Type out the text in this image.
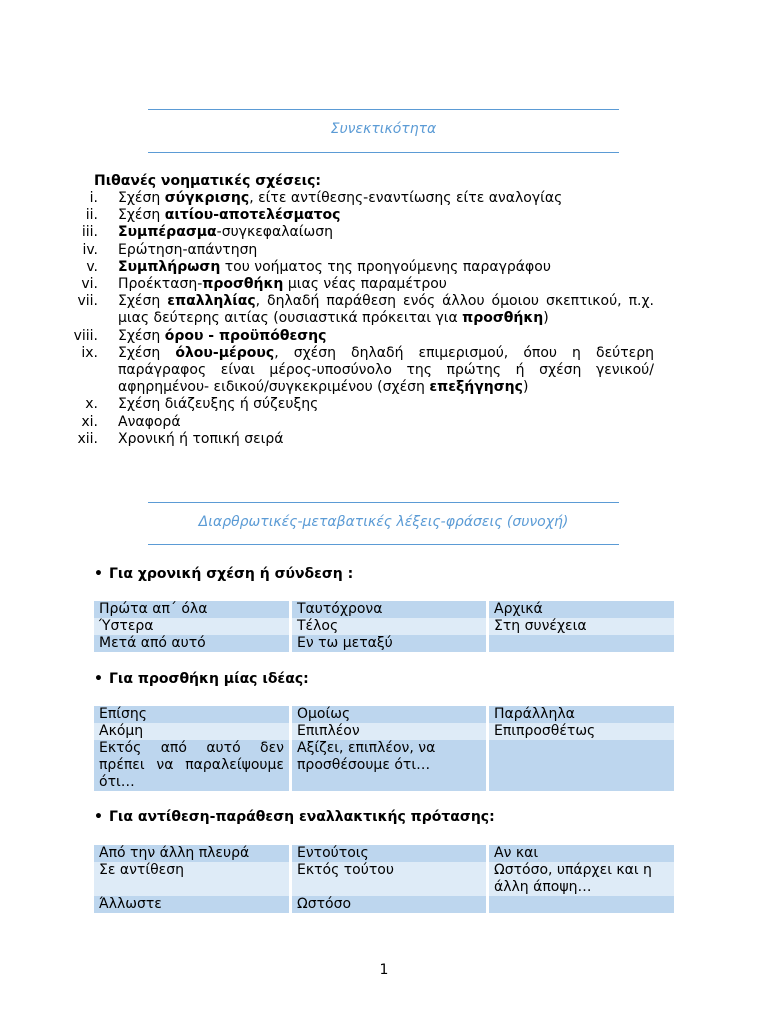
Συνεκτικότητα
Πιθανές νοηματικές σχέσεις:
i.	Σχέση σύγκρισης, είτε αντίθεσης-εναντίωσης είτε αναλογίας
ii.	Σχέση αιτίου-αποτελέσματος
iii.	Συμπέρασμα-συγκεφαλαίωση
iv.	Ερώτηση-απάντηση
v.	Συμπλήρωση του νοήματος της προηγούμενης παραγράφου
vi.	Προέκταση-προσθήκη μιας νέας παραμέτρου
vii.	Σχέση επαλληλίας, δηλαδή παράθεση ενός άλλου όμοιου σκεπτικού, π.χ. μιας δεύτερης αιτίας (ουσιαστικά πρόκειται για προσθήκη)
viii.	Σχέση όρου - προϋπόθεσης
ix.	Σχέση όλου-μέρους, σχέση δηλαδή επιμερισμού, όπου η δεύτερη παράγραφος είναι μέρος-υποσύνολο της πρώτης ή σχέση γενικού/αφηρημένου- ειδικού/συγκεκριμένου (σχέση επεξήγησης)
x.	Σχέση διάζευξης ή σύζευξης
xi.	Αναφορά
xii.	Χρονική ή τοπική σειρά
Διαρθρωτικές-μεταβατικές λέξεις-φράσεις (συνοχή)
• Για χρονική σχέση ή σύνδεση :
Πρώτα απ΄ όλα	Ταυτόχρονα	Αρχικά
Ύστερα	Τέλος	Στη συνέχεια
Μετά από αυτό	Εν τω μεταξύ	
• Για προσθήκη μίας ιδέας:
Επίσης	Ομοίως	Παράλληλα
Ακόμη	Επιπλέον	Επιπροσθέτως
Εκτός από αυτό δεν πρέπει να παραλείψουμε ότι…	Αξίζει, επιπλέον, να προσθέσουμε ότι…	
• Για αντίθεση-παράθεση εναλλακτικής πρότασης:
Από την άλλη πλευρά	Εντούτοις	Αν και
Σε αντίθεση	Εκτός τούτου	Ωστόσο, υπάρχει και η άλλη άποψη…
Άλλωστε	Ωστόσο	
1
